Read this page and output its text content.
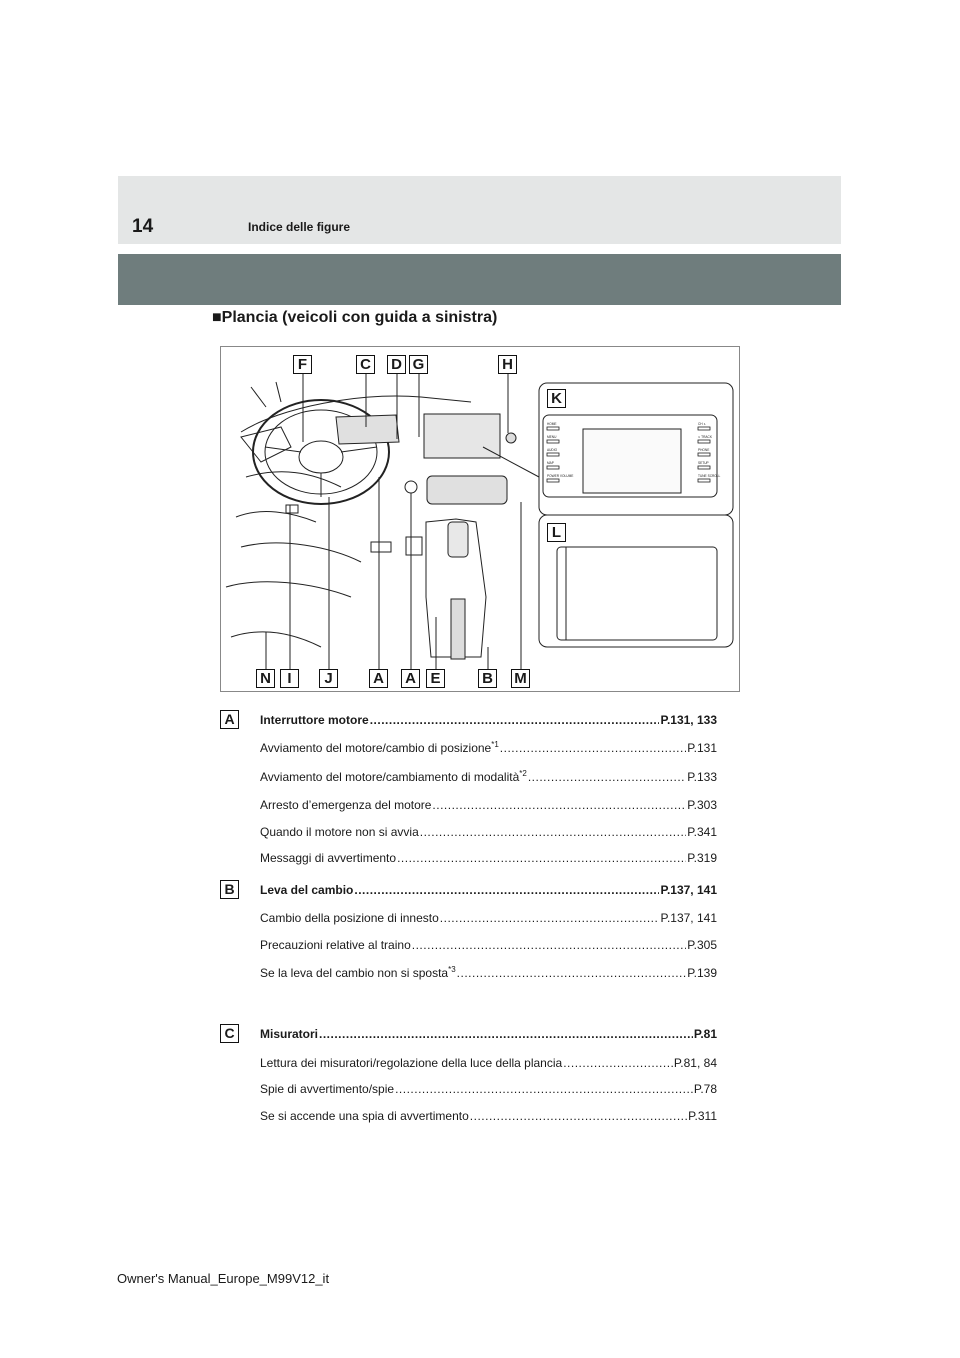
14	Indice delle figure
■Plancia (veicoli con guida a sinistra)
HOME
MENU
AUDIO
MAP
POWER VOLUME
CH ∧
∨ TRACK
PHONE
SETUP
TUNE SCROLL
F	C D G	H
K
L
N	I	J	A A E	B M
A	Interruttore motore .....	P.131, 133
Avviamento del motore/cambio di posizione$^{*1}$ .....	P.131
Avviamento del motore/cambiamento di modalità$^{*2}$ .....	P.133
Arresto d’emergenza del motore .....	P.303
Quando il motore non si avvia .....	P.341
Messaggi di avvertimento .....	P.319
B	Leva del cambio .....	P.137, 141
Cambio della posizione di innesto .....	P.137, 141
Precauzioni relative al traino .....	P.305
Se la leva del cambio non si sposta$^{*3}$ .....	P.139
C	Misuratori .....	P.81
Lettura dei misuratori/regolazione della luce della plancia .....	P.81, 84
Spie di avvertimento/spie .....	P.78
Se si accende una spia di avvertimento .....	P.311
Owner's Manual_Europe_M99V12_it
